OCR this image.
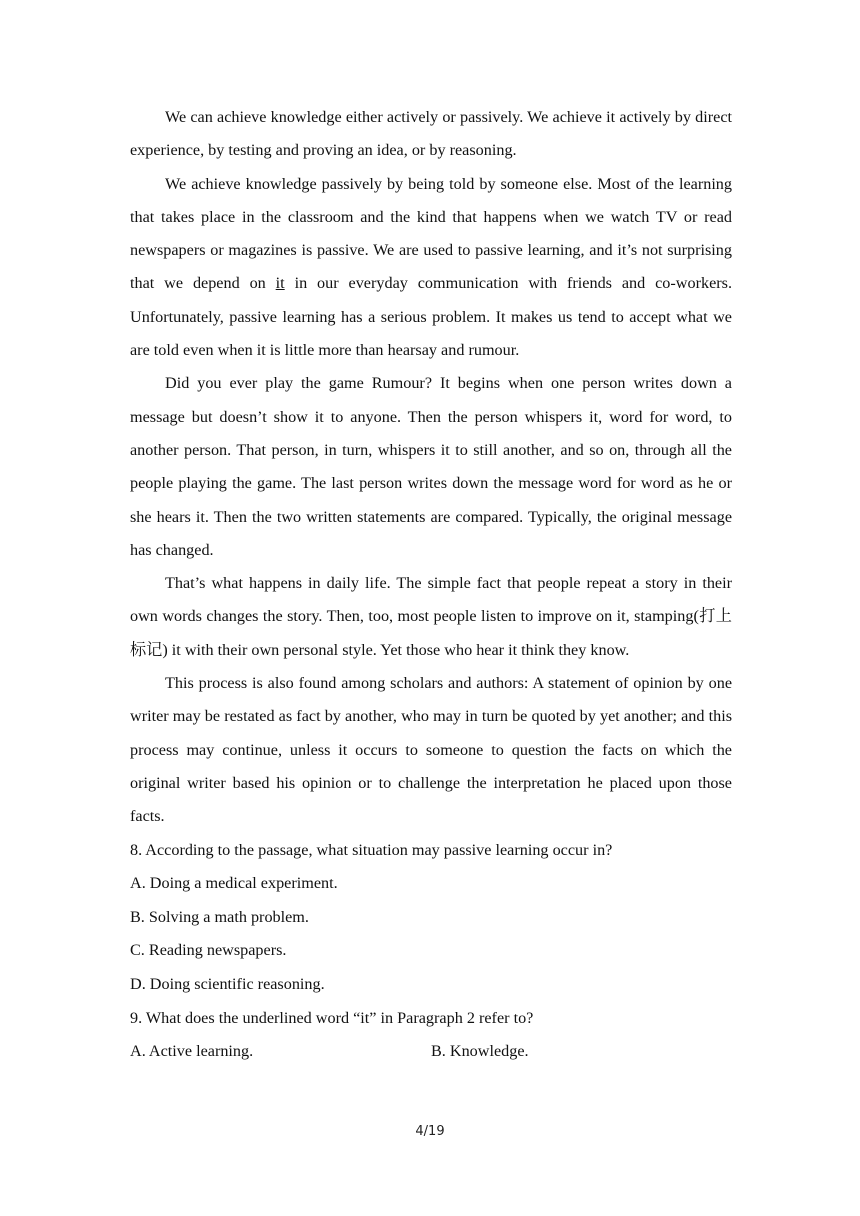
We can achieve knowledge either actively or passively. We achieve it actively by direct experience, by testing and proving an idea, or by reasoning.

We achieve knowledge passively by being told by someone else. Most of the learning that takes place in the classroom and the kind that happens when we watch TV or read newspapers or magazines is passive. We are used to passive learning, and it’s not surprising that we depend on it in our everyday communication with friends and co-workers. Unfortunately, passive learning has a serious problem. It makes us tend to accept what we are told even when it is little more than hearsay and rumour.

Did you ever play the game Rumour? It begins when one person writes down a message but doesn’t show it to anyone. Then the person whispers it, word for word, to another person. That person, in turn, whispers it to still another, and so on, through all the people playing the game. The last person writes down the message word for word as he or she hears it. Then the two written statements are compared. Typically, the original message has changed.

That’s what happens in daily life. The simple fact that people repeat a story in their own words changes the story. Then, too, most people listen to improve on it, stamping(打上标记) it with their own personal style. Yet those who hear it think they know.

This process is also found among scholars and authors: A statement of opinion by one writer may be restated as fact by another, who may in turn be quoted by yet another; and this process may continue, unless it occurs to someone to question the facts on which the original writer based his opinion or to challenge the interpretation he placed upon those facts.

8. According to the passage, what situation may passive learning occur in?

A. Doing a medical experiment.

B. Solving a math problem.

C. Reading newspapers.

D. Doing scientific reasoning.

9. What does the underlined word “it” in Paragraph 2 refer to?

A. Active learning.	B. Knowledge.
4/19
